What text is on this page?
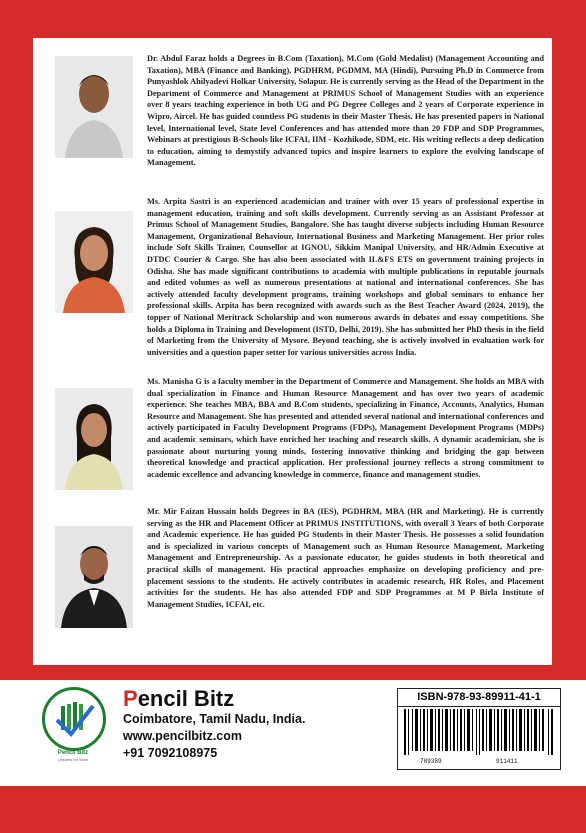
Dr. Abdul Faraz holds a Degrees in B.Com (Taxation), M.Com (Gold Medalist) (Management Accounting and Taxation), MBA (Finance and Banking), PGDHRM, PGDMM, MA (Hindi), Pursuing Ph.D in Commerce from Punyashlok Ahilyadevi Holkar University, Solapur. He is currently serving as the Head of the Department in the Department of Commerce and Management at PRIMUS School of Management Studies with an experience over 8 years teaching experience in both UG and PG Degree Colleges and 2 years of Corporate experience in Wipro, Aircel. He has guided countless PG students in their Master Thesis. He has presented papers in National level, International level, State level Conferences and has attended more than 20 FDP and SDP Programmes, Webinars at prestigious B-Schools like ICFAI, IIM - Kozhikode, SDM, etc. His writing reflects a deep dedication to education, aiming to demystify advanced topics and inspire learners to explore the evolving landscape of Management.
Ms. Arpita Sastri is an experienced academician and trainer with over 15 years of professional expertise in management education, training and soft skills development. Currently serving as an Assistant Professor at Primus School of Management Studies, Bangalore. She has taught diverse subjects including Human Resource Management, Organizational Behaviour, International Business and Marketing Management. Her prior roles include Soft Skills Trainer, Counsellor at IGNOU, Sikkim Manipal University, and HR/Admin Executive at DTDC Courier & Cargo. She has also been associated with IL&FS ETS on government training projects in Odisha. She has made significant contributions to academia with multiple publications in reputable journals and edited volumes as well as numerous presentations at national and international conferences. She has actively attended faculty development programs, training workshops and global seminars to enhance her professional skills. Arpita has been recognized with awards such as the Best Teacher Award (2024, 2019), the topper of National Meritrack Scholarship and won numerous awards in debates and essay competitions. She holds a Diploma in Training and Development (ISTD, Delhi, 2019). She has submitted her PhD thesis in the field of Marketing from the University of Mysore. Beyond teaching, she is actively involved in evaluation work for universities and a question paper setter for various universities across India.
Ms. Manisha G is a faculty member in the Department of Commerce and Management. She holds an MBA with dual specialization in Finance and Human Resource Management and has over two years of academic experience. She teaches MBA, BBA and B.Com students, specializing in Finance, Accounts, Analytics, Human Resource and Management. She has presented and attended several national and international conferences and actively participated in Faculty Development Programs (FDPs), Management Development Programs (MDPs) and academic seminars, which have enriched her teaching and research skills. A dynamic academician, she is passionate about nurturing young minds, fostering innovative thinking and bridging the gap between theoretical knowledge and practical application. Her professional journey reflects a strong commitment to academic excellence and advancing knowledge in commerce, finance and management studies.
Mr. Mir Faizan Hussain holds Degrees in BA (IES), PGDHRM, MBA (HR and Marketing). He is currently serving as the HR and Placement Officer at PRIMUS INSTITUTIONS, with overall 3 Years of both Corporate and Academic experience. He has guided PG Students in their Master Thesis. He possesses a solid foundation and is specialized in various concepts of Management such as Human Resource Management, Marketing Management and Entrepreneurship. As a passionate educator, he guides students in both theoretical and practical skills of management. His practical approaches emphasize on developing proficiency and pre-placement sessions to the students. He actively contributes in academic research, HR Roles, and Placement activities for the students. He has also attended FDP and SDP Programmes at M P Birla Institute of Management Studies, ICFAI, etc.
Pencil Bitz
Leaders for Work
Pencil Bitz
Coimbatore, Tamil Nadu, India.
www.pencilbitz.com
+91 7092108975
ISBN-978-93-89911-41-1
789389	911411
